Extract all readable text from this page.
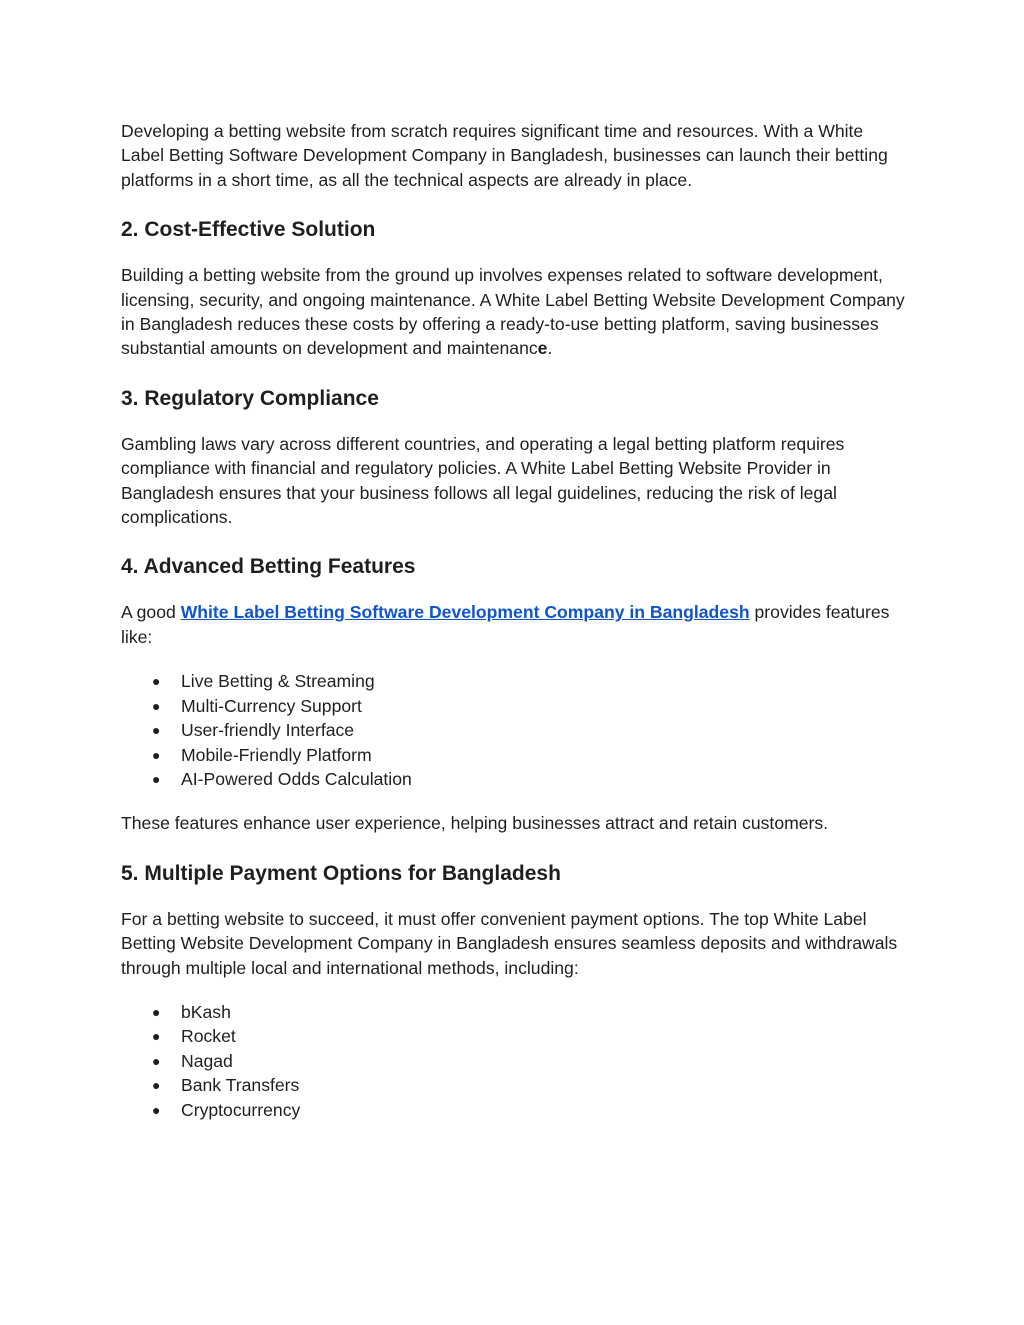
Developing a betting website from scratch requires significant time and resources. With a White Label Betting Software Development Company in Bangladesh, businesses can launch their betting platforms in a short time, as all the technical aspects are already in place.

2. Cost-Effective Solution

Building a betting website from the ground up involves expenses related to software development, licensing, security, and ongoing maintenance. A White Label Betting Website Development Company in Bangladesh reduces these costs by offering a ready-to-use betting platform, saving businesses substantial amounts on development and maintenance.

3. Regulatory Compliance

Gambling laws vary across different countries, and operating a legal betting platform requires compliance with financial and regulatory policies. A White Label Betting Website Provider in Bangladesh ensures that your business follows all legal guidelines, reducing the risk of legal complications.

4. Advanced Betting Features

A good White Label Betting Software Development Company in Bangladesh provides features like:

● Live Betting & Streaming
● Multi-Currency Support
● User-friendly Interface
● Mobile-Friendly Platform
● AI-Powered Odds Calculation

These features enhance user experience, helping businesses attract and retain customers.

5. Multiple Payment Options for Bangladesh

For a betting website to succeed, it must offer convenient payment options. The top White Label Betting Website Development Company in Bangladesh ensures seamless deposits and withdrawals through multiple local and international methods, including:

● bKash
● Rocket
● Nagad
● Bank Transfers
● Cryptocurrency
